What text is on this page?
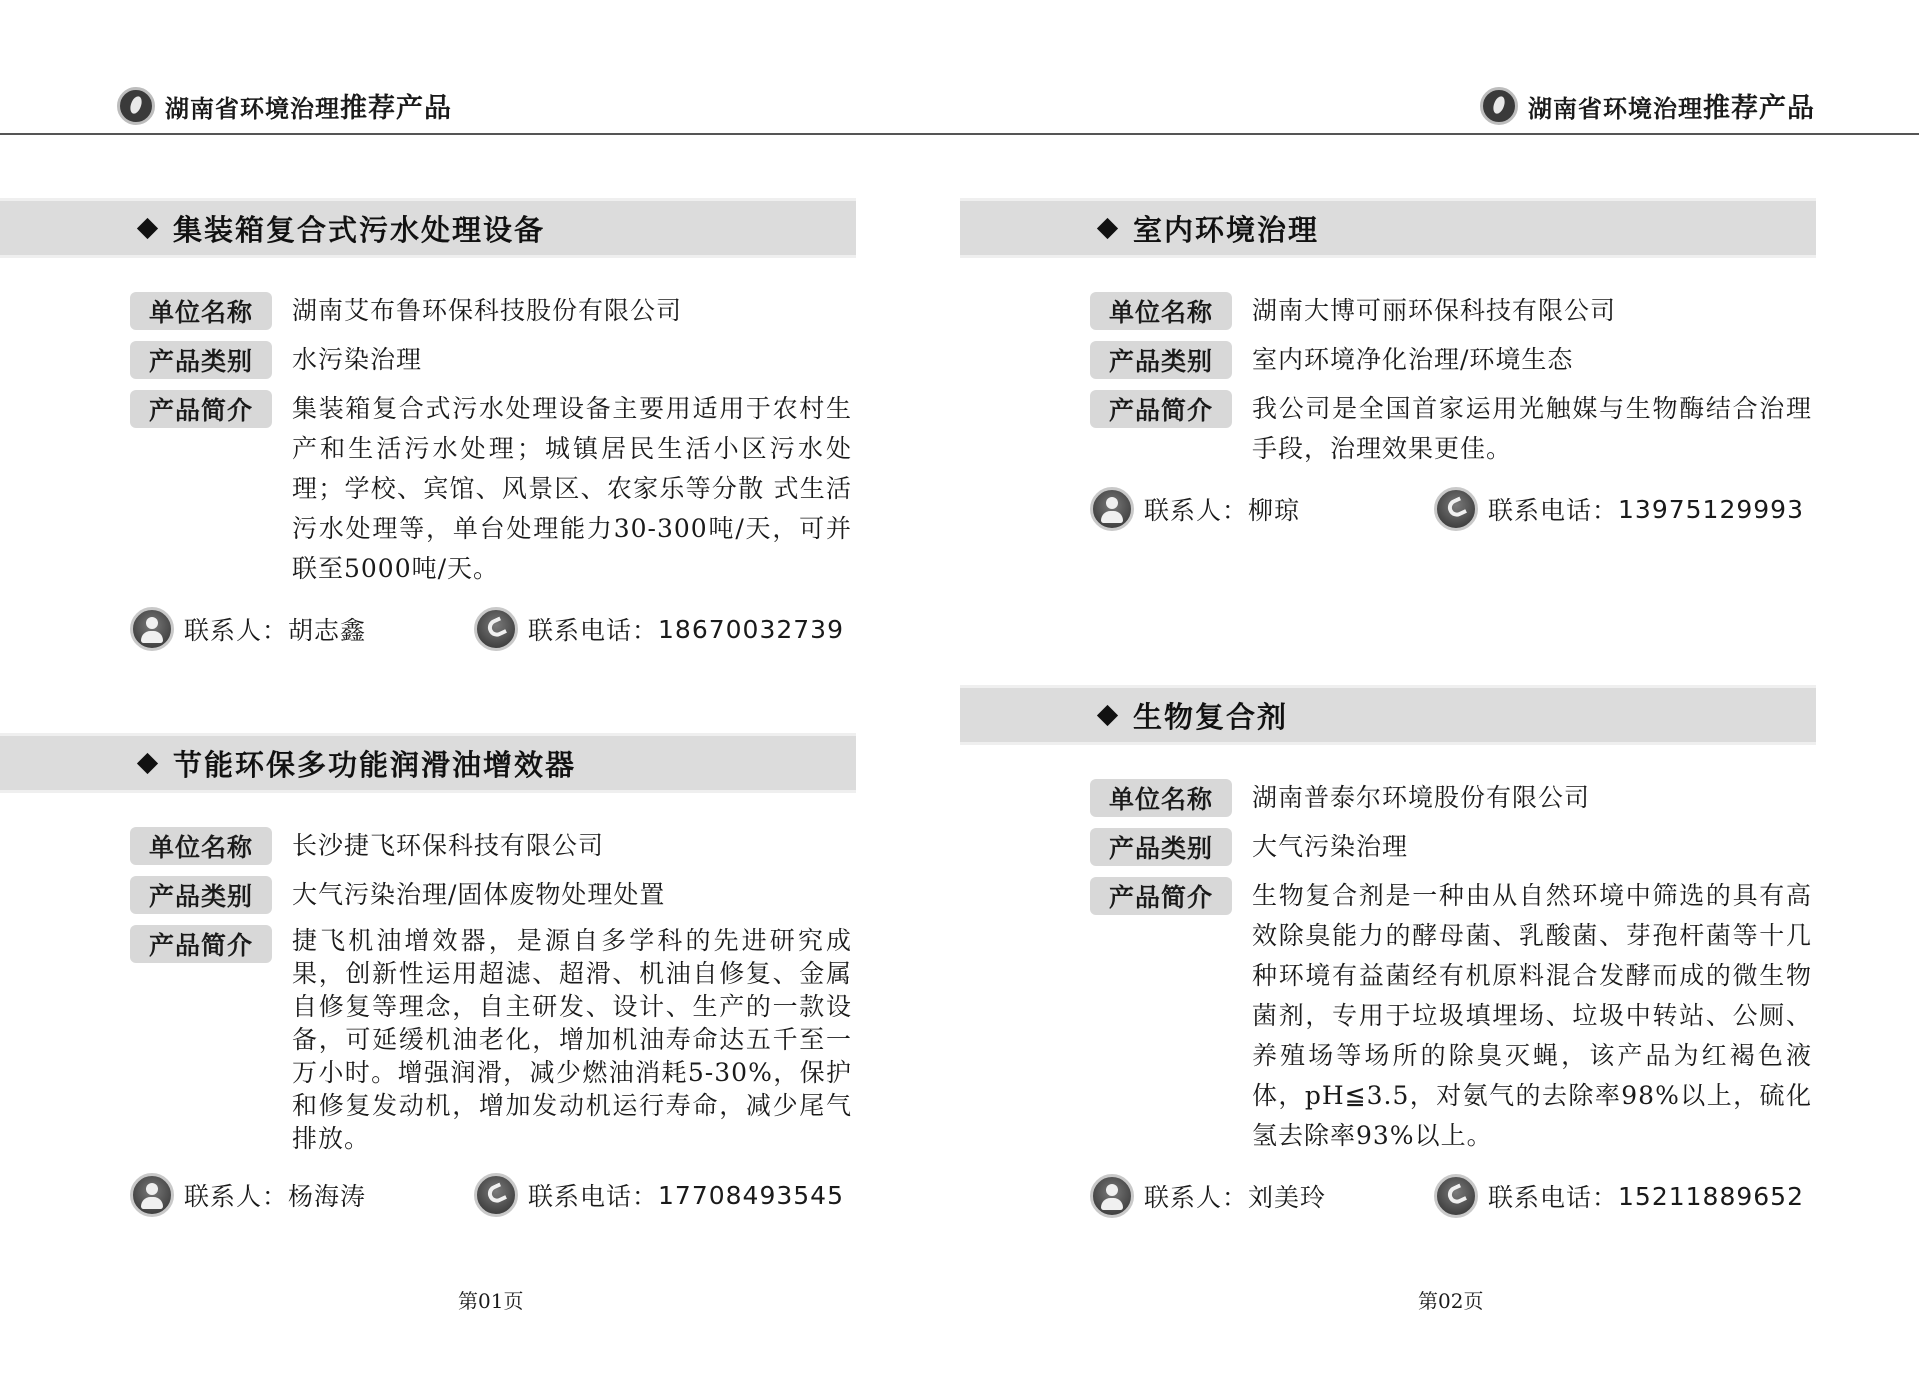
湖南省环境治理推荐产品	湖南省环境治理推荐产品
集装箱复合式污水处理设备
单位名称	湖南艾布鲁环保科技股份有限公司
产品类别	水污染治理
产品简介	集装箱复合式污水处理设备主要用适用于农村生产和生活污水处理；城镇居民生活小区污水处理；学校、宾馆、风景区、农家乐等分散 式生活污水处理等，单台处理能力30-300吨/天，可并联至5000吨/天。
联系人： 胡志鑫	联系电话： 18670032739
节能环保多功能润滑油增效器
单位名称	长沙捷飞环保科技有限公司
产品类别	大气污染治理/固体废物处理处置
产品简介	捷飞机油增效器，是源自多学科的先进研究成果，创新性运用超滤、超滑、机油自修复、金属自修复等理念，自主研发、设计、生产的一款设备，可延缓机油老化，增加机油寿命达五千至一万小时。增强润滑，减少燃油消耗5-30%，保护和修复发动机，增加发动机运行寿命，减少尾气排放。
联系人： 杨海涛	联系电话： 17708493545
室内环境治理
单位名称	湖南大博可丽环保科技有限公司
产品类别	室内环境净化治理/环境生态
产品简介	我公司是全国首家运用光触媒与生物酶结合治理手段，治理效果更佳。
联系人： 柳琼	联系电话： 13975129993
生物复合剂
单位名称	湖南普泰尔环境股份有限公司
产品类别	大气污染治理
产品简介	生物复合剂是一种由从自然环境中筛选的具有高效除臭能力的酵母菌、乳酸菌、芽孢杆菌等十几种环境有益菌经有机原料混合发酵而成的微生物菌剂，专用于垃圾填埋场、垃圾中转站、公厕、养殖场等场所的除臭灭蝇，该产品为红褐色液体，pH≦3.5，对氨气的去除率98%以上，硫化氢去除率93%以上。
联系人： 刘美玲	联系电话： 15211889652
第01页	第02页
